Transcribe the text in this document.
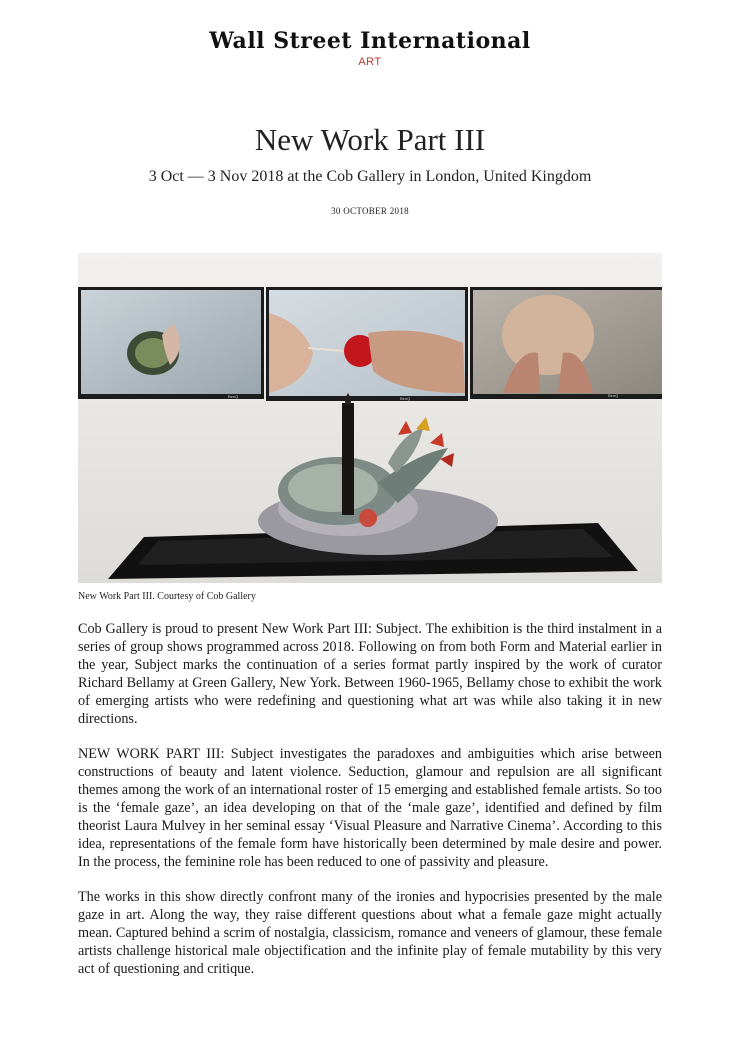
Wall Street International
ART
New Work Part III
3 Oct — 3 Nov 2018 at the Cob Gallery in London, United Kingdom
30 OCTOBER 2018
BenQ	BenQ
BenQ
New Work Part III. Courtesy of Cob Gallery

Cob Gallery is proud to present New Work Part III: Subject. The exhibition is the third instalment in a series of group shows programmed across 2018. Following on from both Form and Material earlier in the year, Subject marks the continuation of a series format partly inspired by the work of curator Richard Bellamy at Green Gallery, New York. Between 1960-1965, Bellamy chose to exhibit the work of emerging artists who were redefining and questioning what art was while also taking it in new directions.

NEW WORK PART III: Subject investigates the paradoxes and ambiguities which arise between constructions of beauty and latent violence. Seduction, glamour and repulsion are all significant themes among the work of an international roster of 15 emerging and established female artists. So too is the ‘female gaze’, an idea developing on that of the ‘male gaze’, identified and defined by film theorist Laura Mulvey in her seminal essay ‘Visual Pleasure and Narrative Cinema’. According to this idea, representations of the female form have historically been determined by male desire and power. In the process, the feminine role has been reduced to one of passivity and pleasure.

The works in this show directly confront many of the ironies and hypocrisies presented by the male gaze in art. Along the way, they raise different questions about what a female gaze might actually mean. Captured behind a scrim of nostalgia, classicism, romance and veneers of glamour, these female artists challenge historical male objectification and the infinite play of female mutability by this very act of questioning and critique.
